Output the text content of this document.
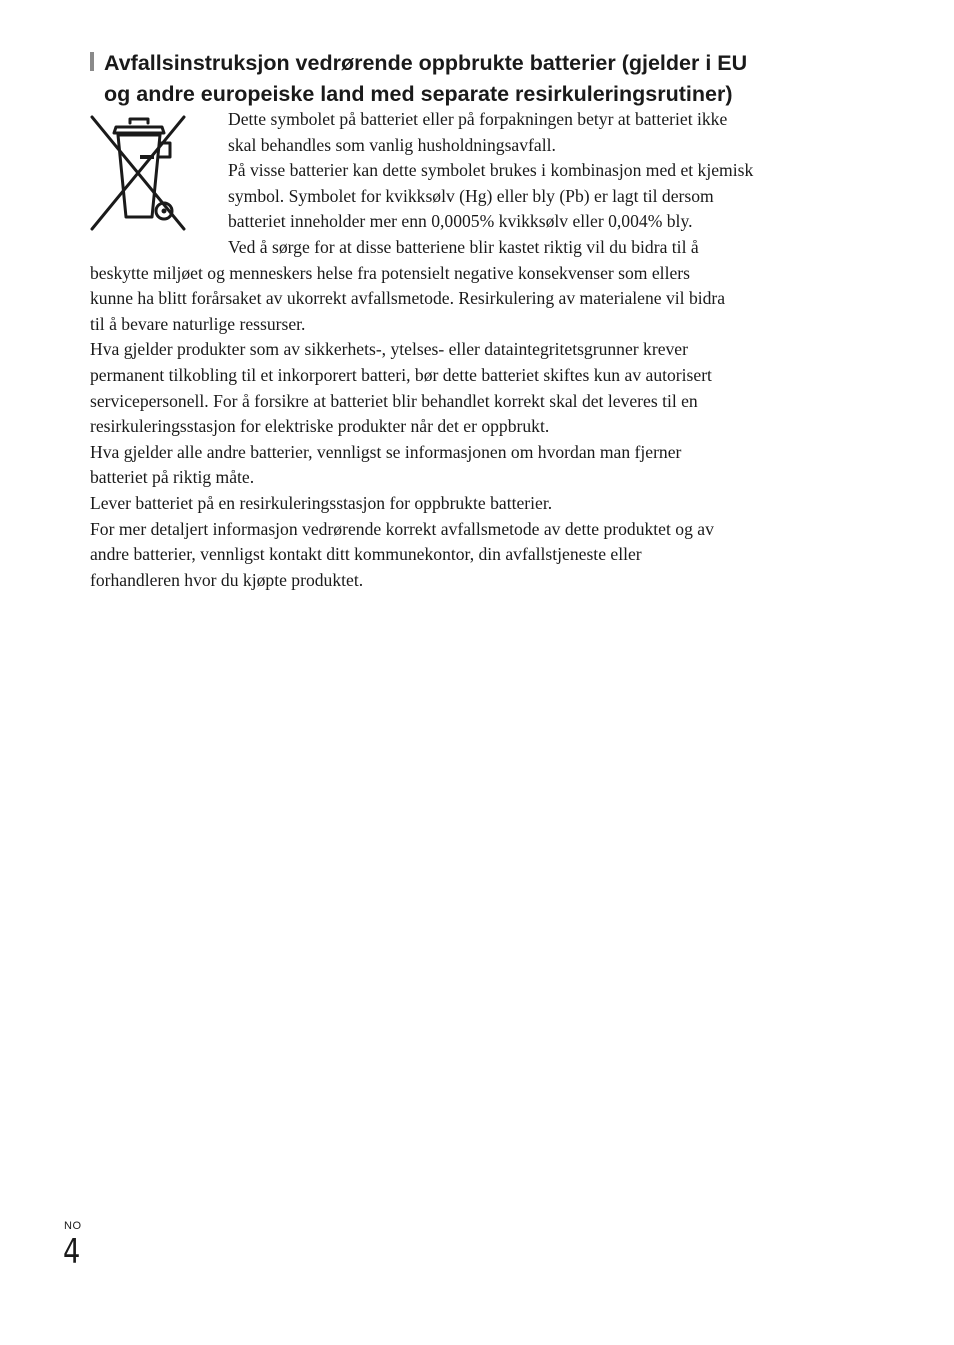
Avfallsinstruksjon vedrørende oppbrukte batterier (gjelder i EU
og andre europeiske land med separate resirkuleringsrutiner)

Dette symbolet på batteriet eller på forpakningen betyr at batteriet ikke
skal behandles som vanlig husholdningsavfall.

På visse batterier kan dette symbolet brukes i kombinasjon med et kjemisk
symbol. Symbolet for kvikksølv (Hg) eller bly (Pb) er lagt til dersom
batteriet inneholder mer enn 0,0005% kvikksølv eller 0,004% bly.

Ved å sørge for at disse batteriene blir kastet riktig vil du bidra til å
beskytte miljøet og menneskers helse fra potensielt negative konsekvenser som ellers
kunne ha blitt forårsaket av ukorrekt avfallsmetode. Resirkulering av materialene vil bidra
til å bevare naturlige ressurser.

Hva gjelder produkter som av sikkerhets-, ytelses- eller dataintegritetsgrunner krever
permanent tilkobling til et inkorporert batteri, bør dette batteriet skiftes kun av autorisert
servicepersonell. For å forsikre at batteriet blir behandlet korrekt skal det leveres til en
resirkuleringsstasjon for elektriske produkter når det er oppbrukt.

Hva gjelder alle andre batterier, vennligst se informasjonen om hvordan man fjerner
batteriet på riktig måte.

Lever batteriet på en resirkuleringsstasjon for oppbrukte batterier.

For mer detaljert informasjon vedrørende korrekt avfallsmetode av dette produktet og av
andre batterier, vennligst kontakt ditt kommunekontor, din avfallstjeneste eller
forhandleren hvor du kjøpte produktet.

NO
4
